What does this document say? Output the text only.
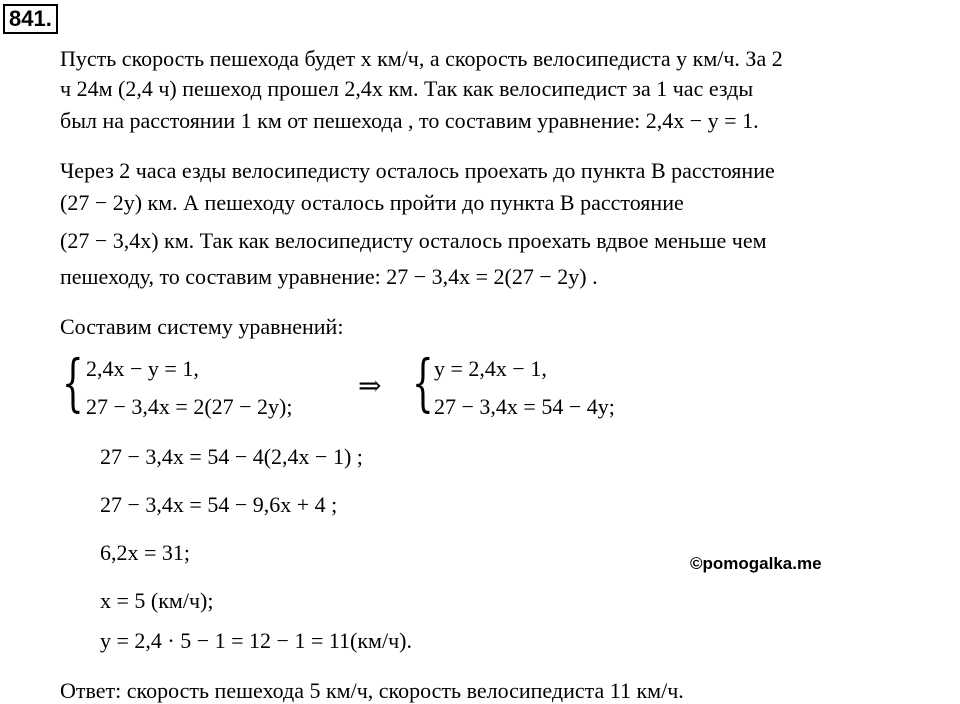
841.
Пусть скорость пешехода будет x км/ч, а скорость велосипедиста y км/ч. За 2
ч 24м (2,4 ч) пешеход прошел 2,4x км. Так как велосипедист за 1 час езды
был на расстоянии 1 км от пешехода , то составим уравнение: 2,4x − y = 1.
Через 2 часа езды велосипедисту осталось проехать до пункта B расстояние
(27 − 2y) км. А пешеходу осталось пройти до пункта B расстояние
(27 − 3,4x) км. Так как велосипедисту осталось проехать вдвое меньше чем
пешеходу, то составим уравнение: 27 − 3,4x = 2(27 − 2y) .
Составим систему уравнений:
{ 2,4x − y = 1,
27 − 3,4x = 2(27 − 2y);
⇒ { y = 2,4x − 1,
27 − 3,4x = 54 − 4y;
27 − 3,4x = 54 − 4(2,4x − 1) ;
27 − 3,4x = 54 − 9,6x + 4 ;
6,2x = 31;
x = 5 (км/ч);
y = 2,4 · 5 − 1 = 12 − 1 = 11(км/ч).
©pomogalka.me
Ответ: скорость пешехода 5 км/ч, скорость велосипедиста 11 км/ч.
